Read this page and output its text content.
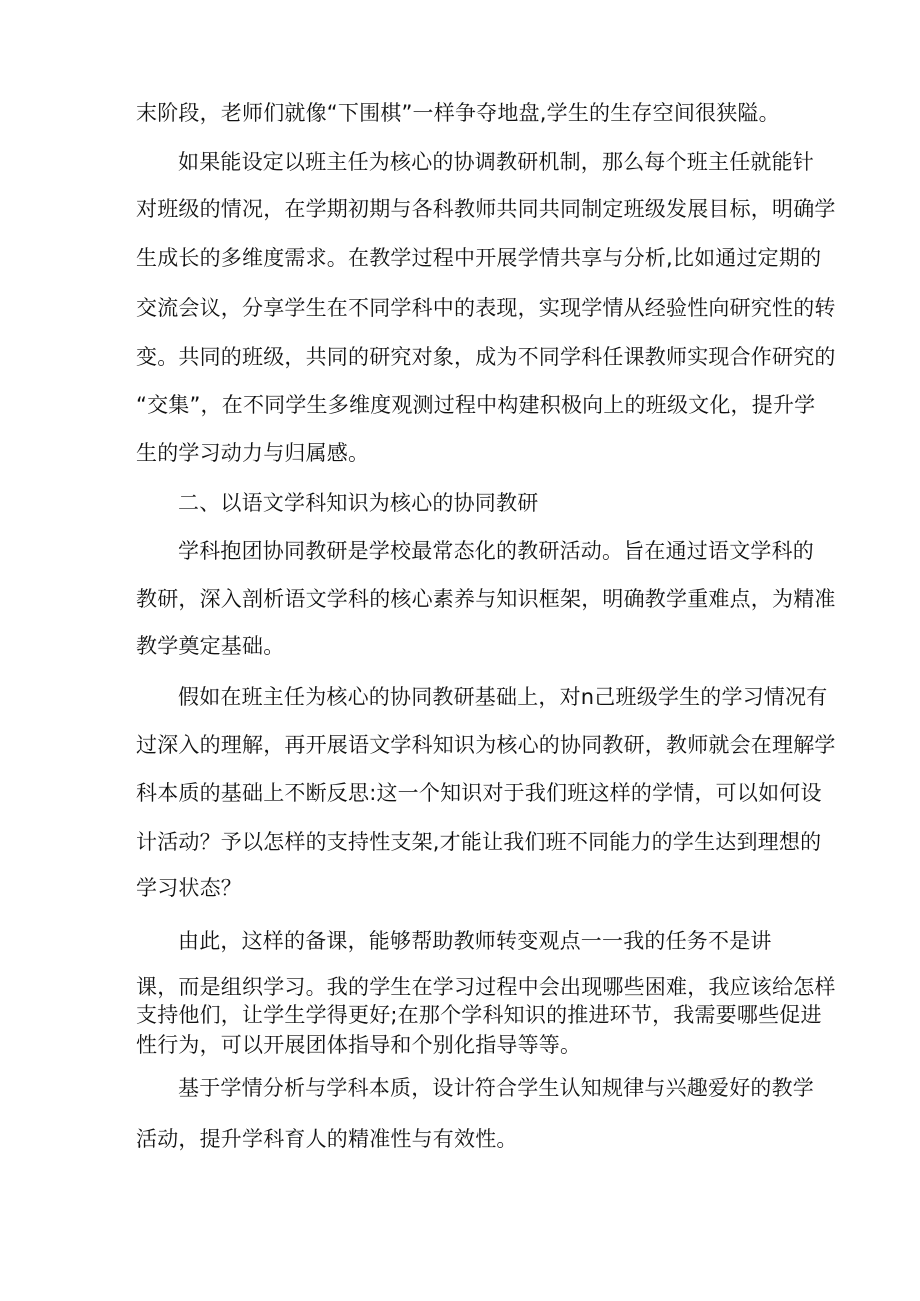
末阶段，老师们就像“下围棋”一样争夺地盘,学生的生存空间很狭隘。
如果能设定以班主任为核心的协调教研机制，那么每个班主任就能针
对班级的情况，在学期初期与各科教师共同共同制定班级发展目标，明确学
生成长的多维度需求。在教学过程中开展学情共享与分析,比如通过定期的
交流会议，分享学生在不同学科中的表现，实现学情从经验性向研究性的转
变。共同的班级，共同的研究对象，成为不同学科任课教师实现合作研究的
“交集”，在不同学生多维度观测过程中构建积极向上的班级文化，提升学
生的学习动力与归属感。
二、以语文学科知识为核心的协同教研
学科抱团协同教研是学校最常态化的教研活动。旨在通过语文学科的
教研，深入剖析语文学科的核心素养与知识框架，明确教学重难点，为精准
教学奠定基础。
假如在班主任为核心的协同教研基础上，对n己班级学生的学习情况有
过深入的理解，再开展语文学科知识为核心的协同教研，教师就会在理解学
科本质的基础上不断反思:这一个知识对于我们班这样的学情，可以如何设
计活动？予以怎样的支持性支架,才能让我们班不同能力的学生达到理想的
学习状态？
由此，这样的备课，能够帮助教师转变观点一一我的任务不是讲
课，而是组织学习。我的学生在学习过程中会出现哪些困难，我应该给怎样
支持他们，让学生学得更好;在那个学科知识的推进环节，我需要哪些促进
性行为，可以开展团体指导和个别化指导等等。
基于学情分析与学科本质，设计符合学生认知规律与兴趣爱好的教学
活动，提升学科育人的精准性与有效性。
